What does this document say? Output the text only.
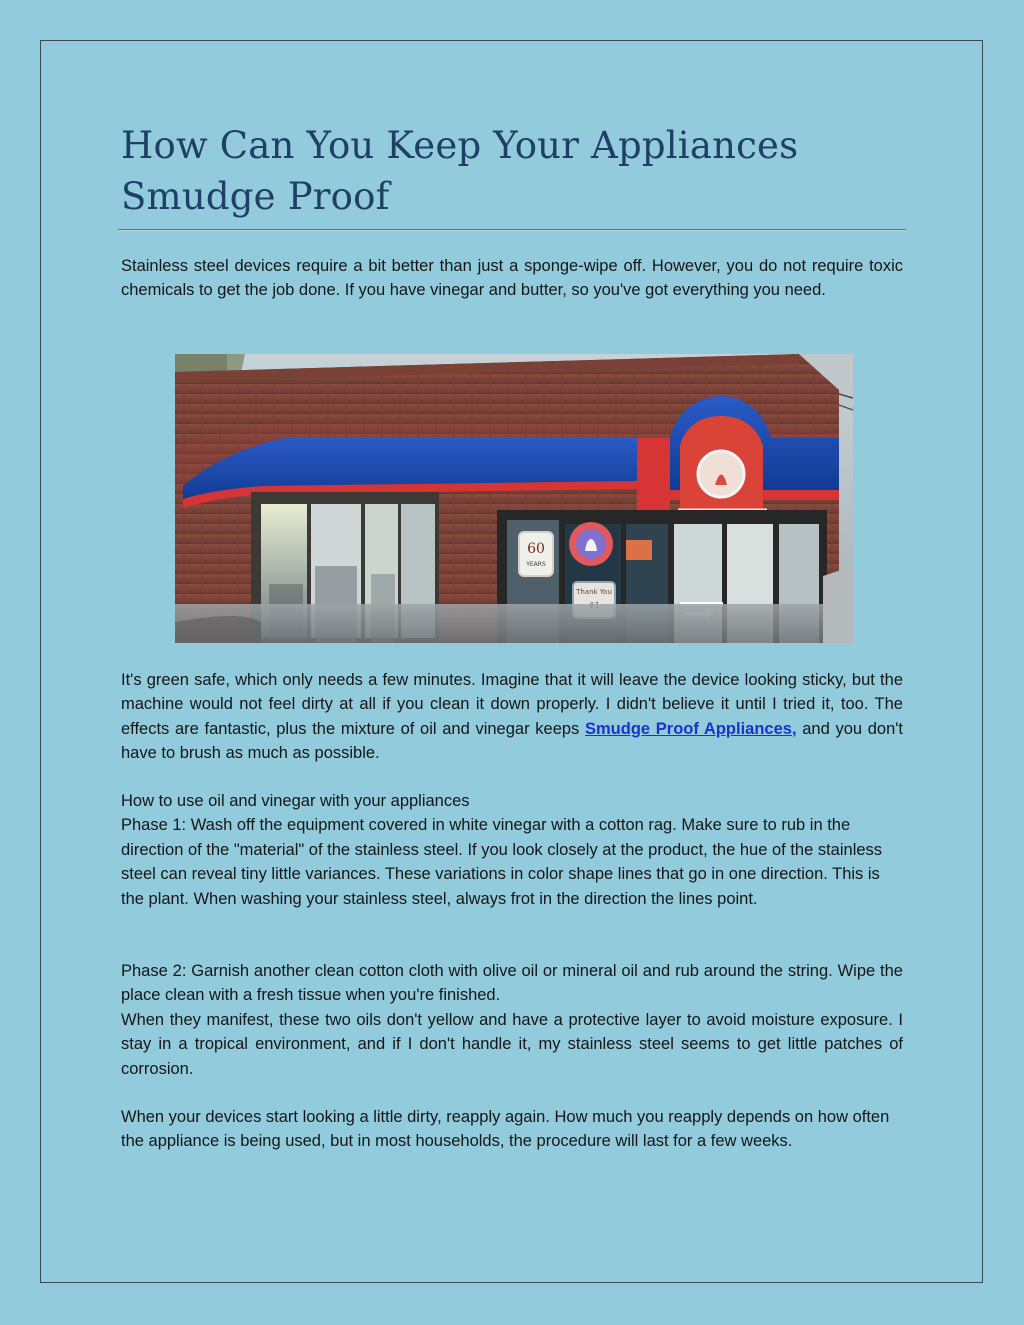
How Can You Keep Your Appliances Smudge Proof

Stainless steel devices require a bit better than just a sponge-wipe off. However, you do not require toxic chemicals to get the job done. If you have vinegar and butter, so you've got everything you need.

60
YEARS
Thank You

It's green safe, which only needs a few minutes. Imagine that it will leave the device looking sticky, but the machine would not feel dirty at all if you clean it down properly. I didn't believe it until I tried it, too. The effects are fantastic, plus the mixture of oil and vinegar keeps Smudge Proof Appliances, and you don't have to brush as much as possible.

How to use oil and vinegar with your appliances
Phase 1: Wash off the equipment covered in white vinegar with a cotton rag. Make sure to rub in the direction of the "material" of the stainless steel. If you look closely at the product, the hue of the stainless steel can reveal tiny little variances. These variations in color shape lines that go in one direction. This is the plant. When washing your stainless steel, always frot in the direction the lines point.
Phase 2: Garnish another clean cotton cloth with olive oil or mineral oil and rub around the string. Wipe the place clean with a fresh tissue when you're finished.
When they manifest, these two oils don't yellow and have a protective layer to avoid moisture exposure. I stay in a tropical environment, and if I don't handle it, my stainless steel seems to get little patches of corrosion.

When your devices start looking a little dirty, reapply again. How much you reapply depends on how often the appliance is being used, but in most households, the procedure will last for a few weeks.
